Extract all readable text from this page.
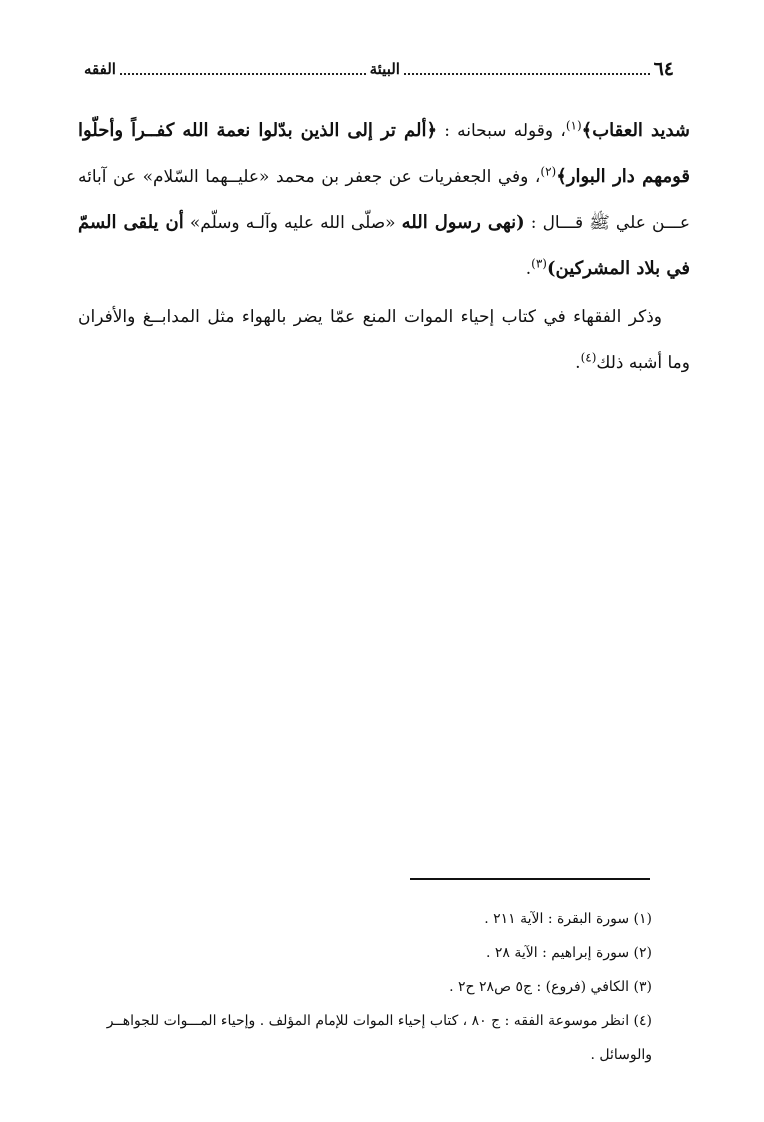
الفقه	البيئة	٦٤

شديد العقاب﴾$^{(١)}$، وقوله سبحانه : ﴿ألم تر إلى الذين بدّلوا نعمة الله كفــراً وأحلّوا قومهم دار البوار﴾$^{(٢)}$، وفي الجعفريات عن جعفر بن محمد «عليــهما السّلام» عن آبائه عـــن علي ﷺ قـــال : (نهى رسول الله «صلّى الله عليه وآلـه وسلّم» أن يلقى السمّ في بلاد المشركين)$^{(٣)}$.

وذكر الفقهاء في كتاب إحياء الموات المنع عمّا يضر بالهواء مثل المدابــغ والأفران وما أشبه ذلك$^{(٤)}$.

(١) سورة البقرة : الآية ٢١١ .

(٢) سورة إبراهيم : الآية ٢٨ .

(٣) الكافي (فروع) : ج٥ ص٢٨ ح٢ .

(٤) انظر موسوعة الفقه : ج ٨٠ ، كتاب إحياء الموات للإمام المؤلف . وإحياء المـــوات للجواهــر والوسائل .
